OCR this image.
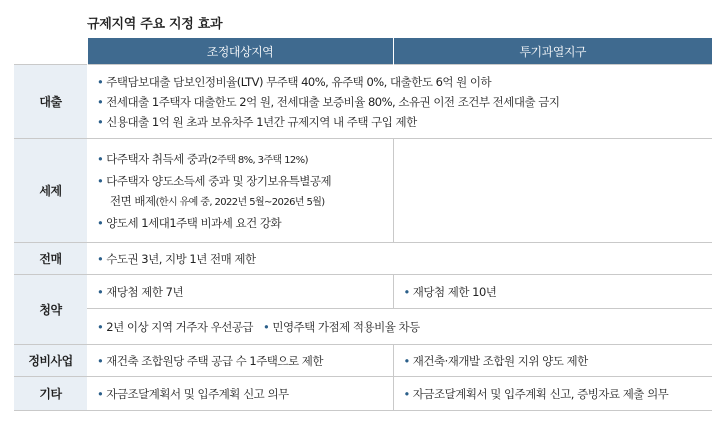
규제지역 주요 지정 효과
	조정대상지역	투기과열지구
대출	• 주택담보대출 담보인정비율(LTV) 무주택 40%, 유주택 0%, 대출한도 6억 원 이하
• 전세대출 1주택자 대출한도 2억 원, 전세대출 보증비율 80%, 소유권 이전 조건부 전세대출 금지
• 신용대출 1억 원 초과 보유차주 1년간 규제지역 내 주택 구입 제한	

세제	• 다주택자 취득세 중과(2주택 8%, 3주택 12%)
• 다주택자 양도소득세 중과 및 장기보유특별공제
전면 배제(한시 유예 중, 2022년 5월~2026년 5월)
• 양도세 1세대1주택 비과세 요건 강화	

전매	• 수도권 3년, 지방 1년 전매 제한	

청약	• 재당첨 제한 7년	• 재당첨 제한 10년

	• 2년 이상 지역 거주자 우선공급 • 민영주택 가점제 적용비율 차등	

정비사업	• 재건축 조합원당 주택 공급 수 1주택으로 제한	• 재건축·재개발 조합원 지위 양도 제한

기타	• 자금조달계획서 및 입주계획 신고 의무	• 자금조달계획서 및 입주계획 신고, 증빙자료 제출 의무
